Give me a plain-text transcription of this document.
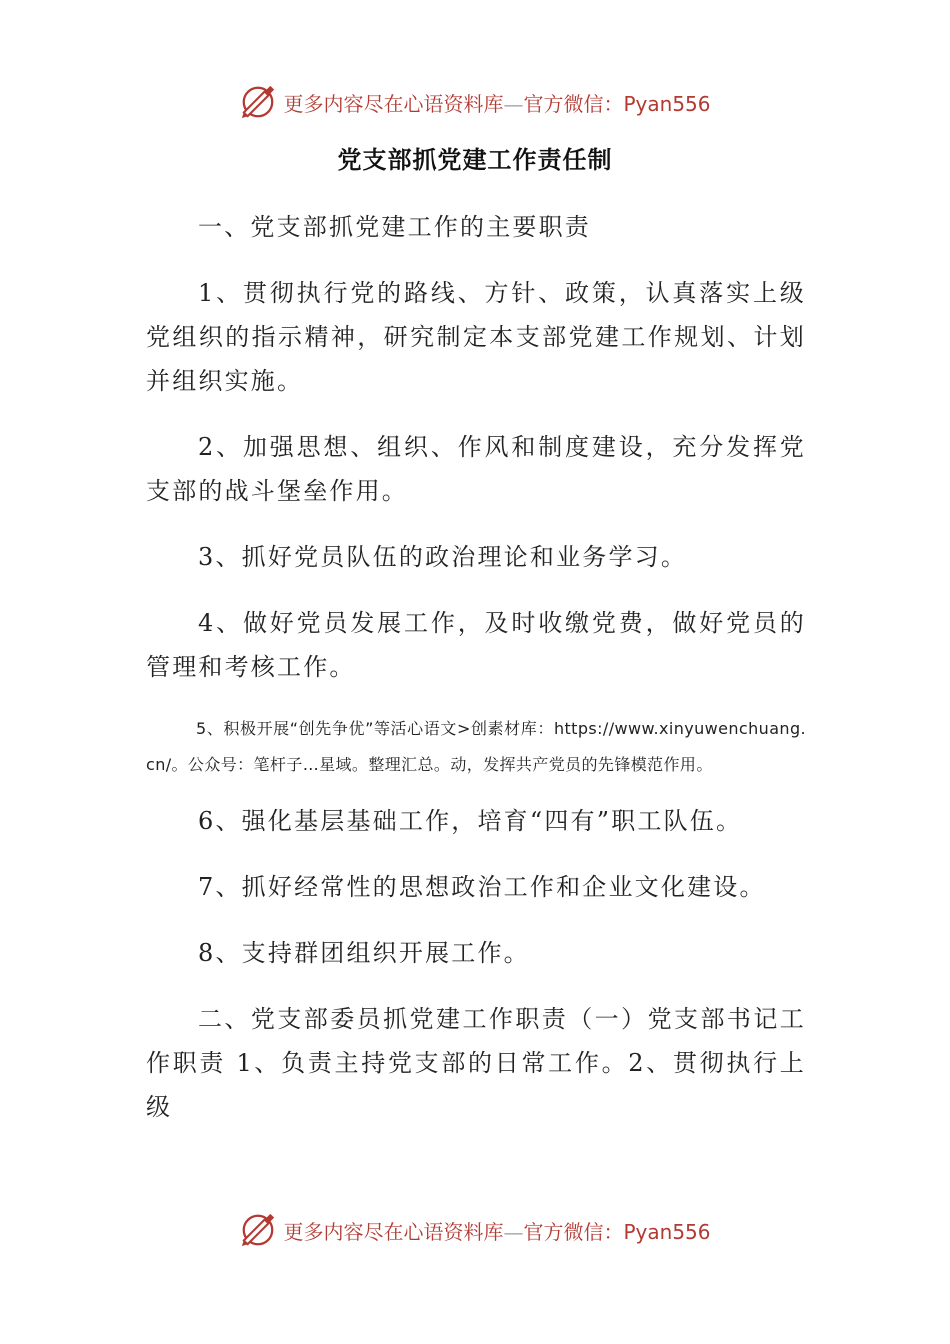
更多内容尽在心语资料库—官方微信：Pyan556
党支部抓党建工作责任制

一、党支部抓党建工作的主要职责

1、贯彻执行党的路线、方针、政策，认真落实上级党组织的指示精神，研究制定本支部党建工作规划、计划并组织实施。

2、加强思想、组织、作风和制度建设，充分发挥党支部的战斗堡垒作用。

3、抓好党员队伍的政治理论和业务学习。

4、做好党员发展工作，及时收缴党费，做好党员的管理和考核工作。

5、积极开展“创先争优”等活心语文>创素材库：https://www.xinyuwenchuang.cn/。公众号：笔杆子…星域。整理汇总。动，发挥共产党员的先锋模范作用。

6、强化基层基础工作，培育“四有”职工队伍。

7、抓好经常性的思想政治工作和企业文化建设。

8、支持群团组织开展工作。

二、党支部委员抓党建工作职责（一）党支部书记工作职责 1、负责主持党支部的日常工作。2、贯彻执行上级

更多内容尽在心语资料库—官方微信：Pyan556
